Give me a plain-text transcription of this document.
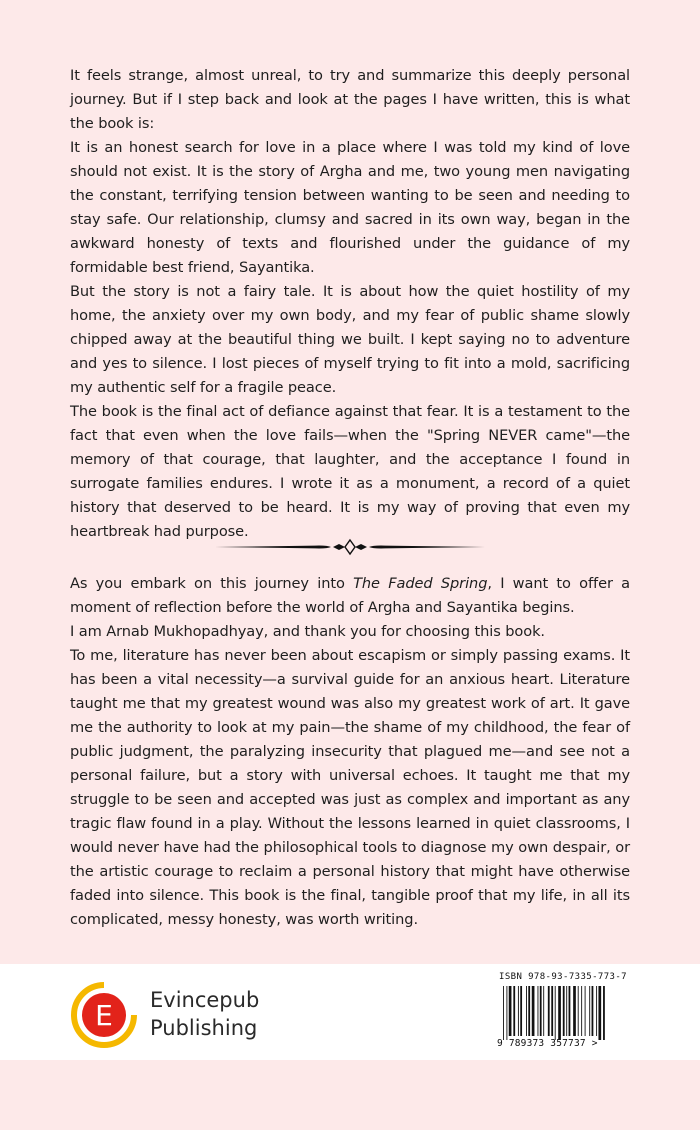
It feels strange, almost unreal, to try and summarize this deeply personal journey. But if I step back and look at the pages I have written, this is what the book is:

It is an honest search for love in a place where I was told my kind of love should not exist. It is the story of Argha and me, two young men navigating the constant, terrifying tension between wanting to be seen and needing to stay safe. Our relationship, clumsy and sacred in its own way, began in the awkward honesty of texts and flourished under the guidance of my formidable best friend, Sayantika.

But the story is not a fairy tale. It is about how the quiet hostility of my home, the anxiety over my own body, and my fear of public shame slowly chipped away at the beautiful thing we built. I kept saying no to adventure and yes to silence. I lost pieces of myself trying to fit into a mold, sacrificing my authentic self for a fragile peace.

The book is the final act of defiance against that fear. It is a testament to the fact that even when the love fails—when the "Spring NEVER came"—the memory of that courage, that laughter, and the acceptance I found in surrogate families endures. I wrote it as a monument, a record of a quiet history that deserved to be heard. It is my way of proving that even my heartbreak had purpose.

As you embark on this journey into The Faded Spring, I want to offer a moment of reflection before the world of Argha and Sayantika begins.

I am Arnab Mukhopadhyay, and thank you for choosing this book.

To me, literature has never been about escapism or simply passing exams. It has been a vital necessity—a survival guide for an anxious heart. Literature taught me that my greatest wound was also my greatest work of art. It gave me the authority to look at my pain—the shame of my childhood, the fear of public judgment, the paralyzing insecurity that plagued me—and see not a personal failure, but a story with universal echoes. It taught me that my struggle to be seen and accepted was just as complex and important as any tragic flaw found in a play. Without the lessons learned in quiet classrooms, I would never have had the philosophical tools to diagnose my own despair, or the artistic courage to reclaim a personal history that might have otherwise faded into silence. This book is the final, tangible proof that my life, in all its complicated, messy honesty, was worth writing.

E Evincepub
Publishing
ISBN 978-93-7335-773-7
9 789373 357737 >
